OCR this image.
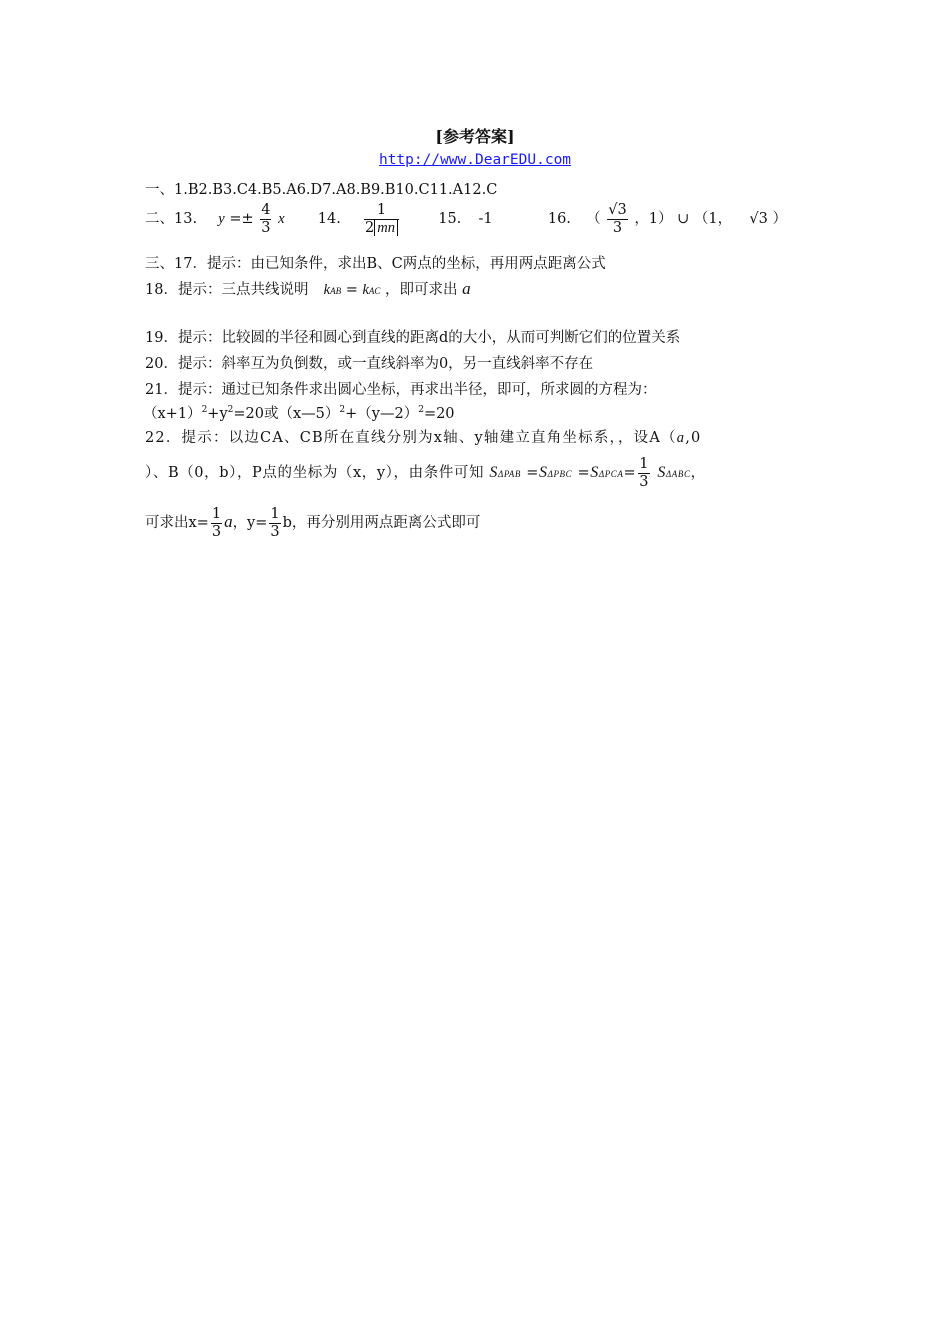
[参考答案]
http://www.DearEDU.com
一、1.B2.B3.C4.B5.A6.D7.A8.B9.B10.C11.A12.C
二、13. $y =\pm \frac{4}{3}$ x 14. $\frac{1}{2 mn}$	15. -1	16. （ $\frac{√3}{3}$ ，1） ∪ （1， √3 ）
三、17．提示：由已知条件，求出B、C两点的坐标，再用两点距离公式
18．提示：三点共线说明 kAB = kAC ，即可求出 a
19．提示：比较圆的半径和圆心到直线的距离d的大小，从而可判断它们的位置关系
20．提示：斜率互为负倒数，或一直线斜率为0，另一直线斜率不存在
21．提示：通过已知条件求出圆心坐标，再求出半径，即可，所求圆的方程为：
$(x+1)^2+y^2=20$或（x—5）$^2$+（y—2）$^2$=20
22．提示：以边CA、CB所在直线分别为x轴、y轴建立直角坐标系，，设A（a,0
）、B（0，b），P点的坐标为（x，y），由条件可知 $S\Delta PAB =S\Delta PBC =S\Delta PCA= \frac{1}{3}$ SΔABC，
可求出$x= \frac{1}{3}$ a，$y= \frac{1}{3}$ b，再分别用两点距离公式即可
